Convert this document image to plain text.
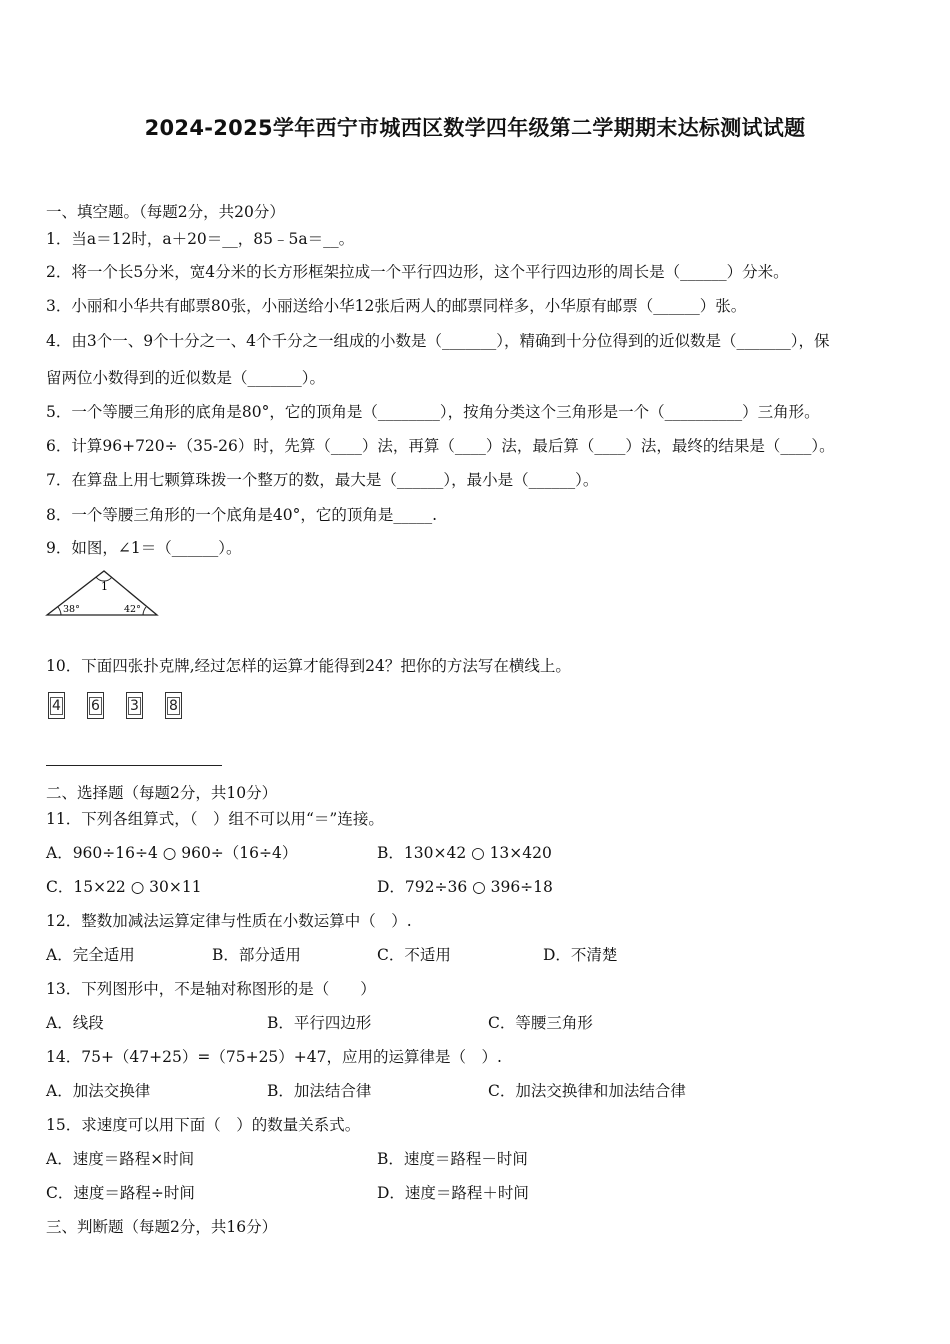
2024-2025学年西宁市城西区数学四年级第二学期期末达标测试试题
一、填空题。（每题2分，共20分）
1．当a＝12时，a＋20＝__，85﹣5a＝__。
2．将一个长5分米，宽4分米的长方形框架拉成一个平行四边形，这个平行四边形的周长是（______）分米。
3．小丽和小华共有邮票80张，小丽送给小华12张后两人的邮票同样多，小华原有邮票（______）张。
4．由3个一、9个十分之一、4个千分之一组成的小数是（_______），精确到十分位得到的近似数是（_______），保
留两位小数得到的近似数是（_______）。
5．一个等腰三角形的底角是80°，它的顶角是（________），按角分类这个三角形是一个（__________）三角形。
6．计算96+720÷（35-26）时，先算（____）法，再算（____）法，最后算（____）法，最终的结果是（____）。
7．在算盘上用七颗算珠拨一个整万的数，最大是（______），最小是（______）。
8．一个等腰三角形的一个底角是40°，它的顶角是_____.
9．如图，∠1＝（______）。
1
38°	42°
10．下面四张扑克牌,经过怎样的运算才能得到24？把你的方法写在横线上。
4 6 3 8
二、选择题（每题2分，共10分）
11．下列各组算式，（　）组不可以用“＝”连接。
A．960÷16÷4 ○ 960÷（16÷4）	B．130×42 ○ 13×420
C．15×22 ○ 30×11	D．792÷36 ○ 396÷18
12．整数加减法运算定律与性质在小数运算中（　）.
A．完全适用	B．部分适用	C．不适用	D．不清楚
13．下列图形中，不是轴对称图形的是（　　）
A．线段	B．平行四边形	C．等腰三角形
14．75+（47+25）=（75+25）+47，应用的运算律是（　）.
A．加法交换律	B．加法结合律	C．加法交换律和加法结合律
15．求速度可以用下面（　）的数量关系式。
A．速度＝路程×时间	B．速度＝路程－时间
C．速度＝路程÷时间	D．速度＝路程＋时间
三、判断题（每题2分，共16分）
